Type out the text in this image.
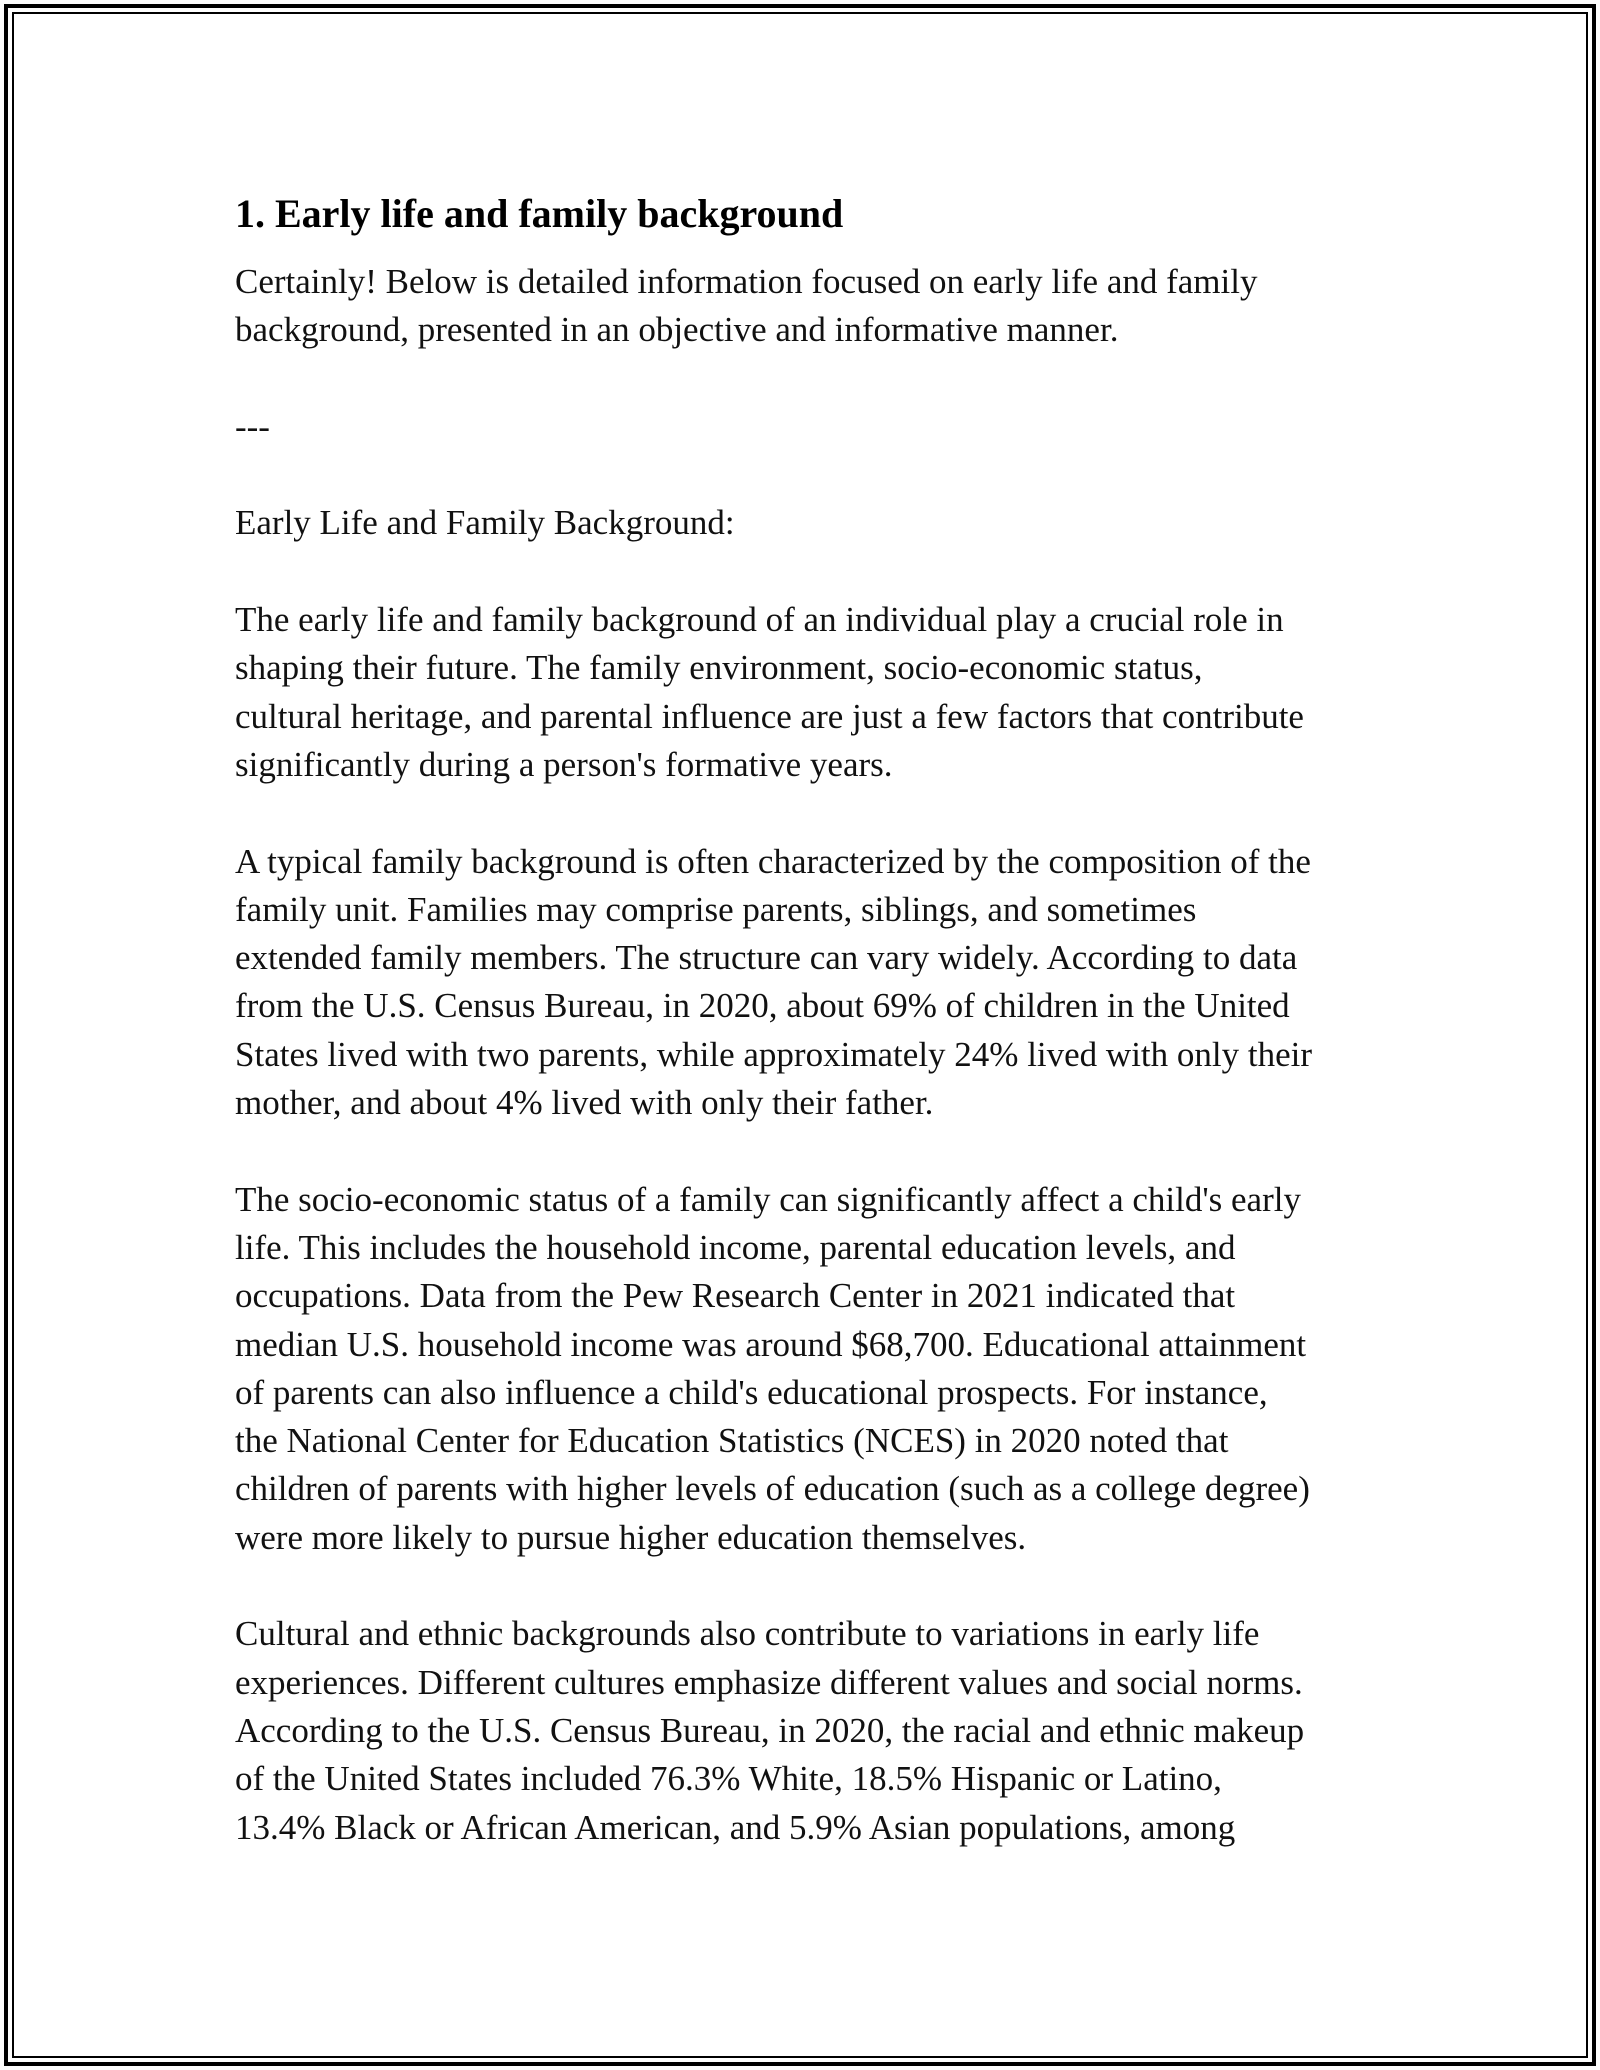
1. Early life and family background

Certainly! Below is detailed information focused on early life and family
background, presented in an objective and informative manner.

---

Early Life and Family Background:

The early life and family background of an individual play a crucial role in
shaping their future. The family environment, socio-economic status,
cultural heritage, and parental influence are just a few factors that contribute
significantly during a person's formative years.

A typical family background is often characterized by the composition of the
family unit. Families may comprise parents, siblings, and sometimes
extended family members. The structure can vary widely. According to data
from the U.S. Census Bureau, in 2020, about 69% of children in the United
States lived with two parents, while approximately 24% lived with only their
mother, and about 4% lived with only their father.

The socio-economic status of a family can significantly affect a child's early
life. This includes the household income, parental education levels, and
occupations. Data from the Pew Research Center in 2021 indicated that
median U.S. household income was around $68,700. Educational attainment
of parents can also influence a child's educational prospects. For instance,
the National Center for Education Statistics (NCES) in 2020 noted that
children of parents with higher levels of education (such as a college degree)
were more likely to pursue higher education themselves.

Cultural and ethnic backgrounds also contribute to variations in early life
experiences. Different cultures emphasize different values and social norms.
According to the U.S. Census Bureau, in 2020, the racial and ethnic makeup
of the United States included 76.3% White, 18.5% Hispanic or Latino,
13.4% Black or African American, and 5.9% Asian populations, among
